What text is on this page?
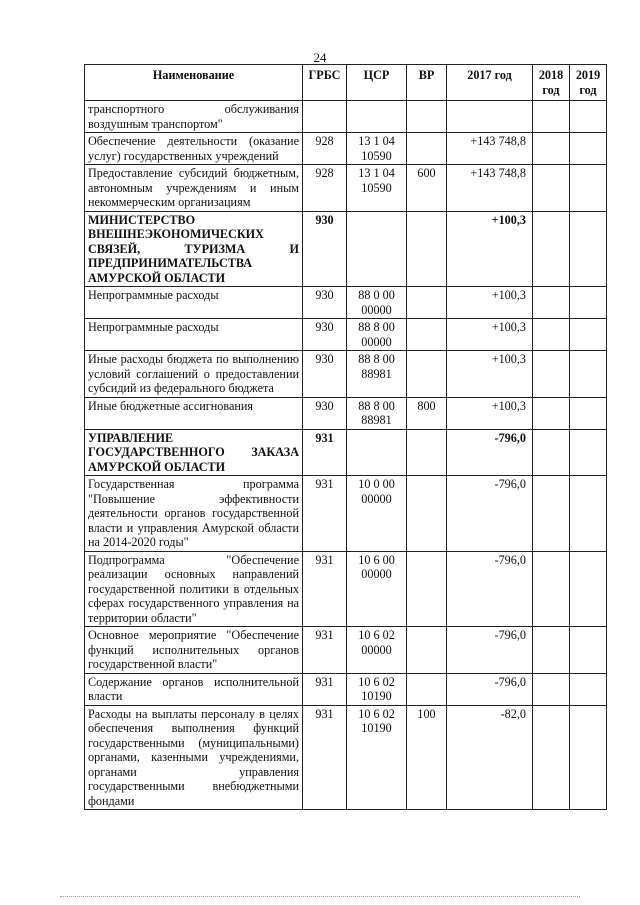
24
Наименование	ГРБС	ЦСР	ВР	2017 год	2018 год	2019 год
транспортного обслуживания воздушным транспортом"						
Обеспечение деятельности (оказание услуг) государственных учреждений	928	13 1 04 10590		+143 748,8		
Предоставление субсидий бюджетным, автономным учреждениям и иным некоммерческим организациям	928	13 1 04 10590	600	+143 748,8		
МИНИСТЕРСТВО ВНЕШНЕЭКОНОМИЧЕСКИХ СВЯЗЕЙ, ТУРИЗМА И ПРЕДПРИНИМАТЕЛЬСТВА АМУРСКОЙ ОБЛАСТИ	930			+100,3		
Непрограммные расходы	930	88 0 00 00000		+100,3		
Непрограммные расходы	930	88 8 00 00000		+100,3		
Иные расходы бюджета по выполнению условий соглашений о предоставлении субсидий из федерального бюджета	930	88 8 00 88981		+100,3		
Иные бюджетные ассигнования	930	88 8 00 88981	800	+100,3		
УПРАВЛЕНИЕ ГОСУДАРСТВЕННОГО ЗАКАЗА АМУРСКОЙ ОБЛАСТИ	931			-796,0		
Государственная программа "Повышение эффективности деятельности органов государственной власти и управления Амурской области на 2014-2020 годы"	931	10 0 00 00000		-796,0		
Подпрограмма "Обеспечение реализации основных направлений государственной политики в отдельных сферах государственного управления на территории области"	931	10 6 00 00000		-796,0		
Основное мероприятие "Обеспечение функций исполнительных органов государственной власти"	931	10 6 02 00000		-796,0		
Содержание органов исполнительной власти	931	10 6 02 10190		-796,0		
Расходы на выплаты персоналу в целях обеспечения выполнения функций государственными (муниципальными) органами, казенными учреждениями, органами управления государственными внебюджетными фондами	931	10 6 02 10190	100	-82,0		
